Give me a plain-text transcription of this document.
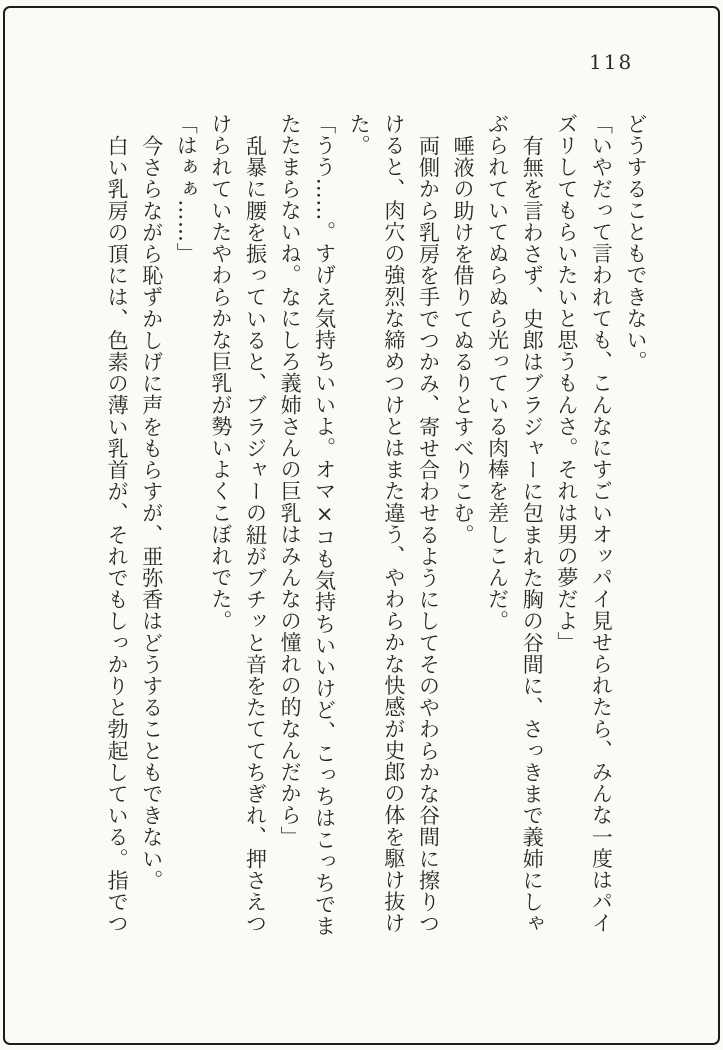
118
どうすることもできない。
「いやだって言われても、こんなにすごいオッパイ見せられたら、みんな一度はパイ
ズリしてもらいたいと思うもんさ。それは男の夢だよ」
有無を言わさず、史郎はブラジャーに包まれた胸の谷間に、さっきまで義姉にしゃ
ぶられていてぬらぬら光っている肉棒を差しこんだ。
唾液の助けを借りてぬるりとすべりこむ。
両側から乳房を手でつかみ、寄せ合わせるようにしてそのやわらかな谷間に擦りつ
けると、肉穴の強烈な締めつけとはまた違う、やわらかな快感が史郎の体を駆け抜け
た。
「うう……。すげえ気持ちいいよ。オマ×コも気持ちいいけど、こっちはこっちでま
たたまらないね。なにしろ義姉さんの巨乳はみんなの憧れの的なんだから」
乱暴に腰を振っていると、ブラジャーの紐がブチッと音をたててちぎれ、押さえつ
けられていたやわらかな巨乳が勢いよくこぼれでた。
「はぁぁ……」
今さらながら恥ずかしげに声をもらすが、亜弥香はどうすることもできない。
白い乳房の頂には、色素の薄い乳首が、それでもしっかりと勃起している。指でつ
